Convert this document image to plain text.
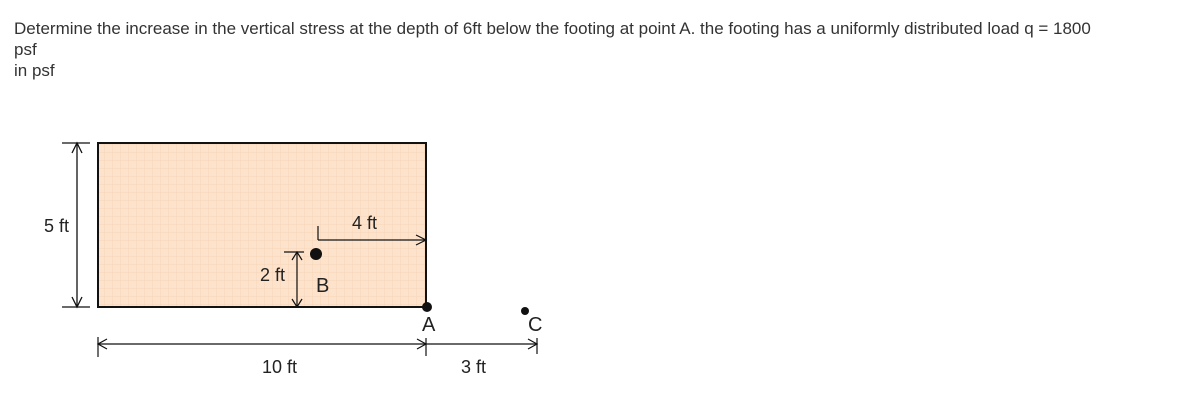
Determine the increase in the vertical stress at the depth of 6ft below the footing at point A. the footing has a uniformly distributed load q = 1800
psf
in psf
5 ft	4 ft
2 ft B
A	C
10 ft	3 ft
